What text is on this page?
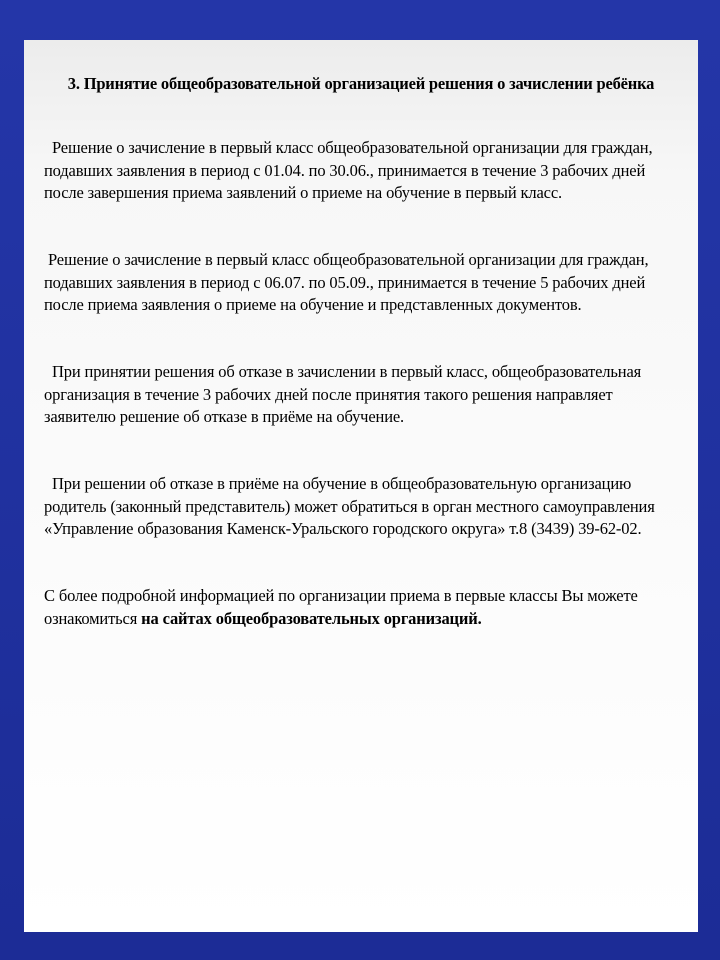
3. Принятие общеобразовательной организацией решения о зачислении ребёнка

Решение о зачисление в первый класс общеобразовательной организации для граждан, подавших заявления в период с 01.04. по 30.06., принимается в течение 3 рабочих дней после завершения приема заявлений о приеме на обучение в первый класс.

Решение о зачисление в первый класс общеобразовательной организации для граждан, подавших заявления в период с 06.07. по 05.09., принимается в течение 5 рабочих дней после приема заявления о приеме на обучение и представленных документов.

При принятии решения об отказе в зачислении в первый класс, общеобразовательная организация в течение 3 рабочих дней после принятия такого решения направляет заявителю решение об отказе в приёме на обучение.

При решении об отказе в приёме на обучение в общеобразовательную организацию родитель (законный представитель) может обратиться в орган местного самоуправления «Управление образования Каменск-Уральского городского округа» т.8 (3439) 39-62-02.

С более подробной информацией по организации приема в первые классы Вы можете ознакомиться на сайтах общеобразовательных организаций.
